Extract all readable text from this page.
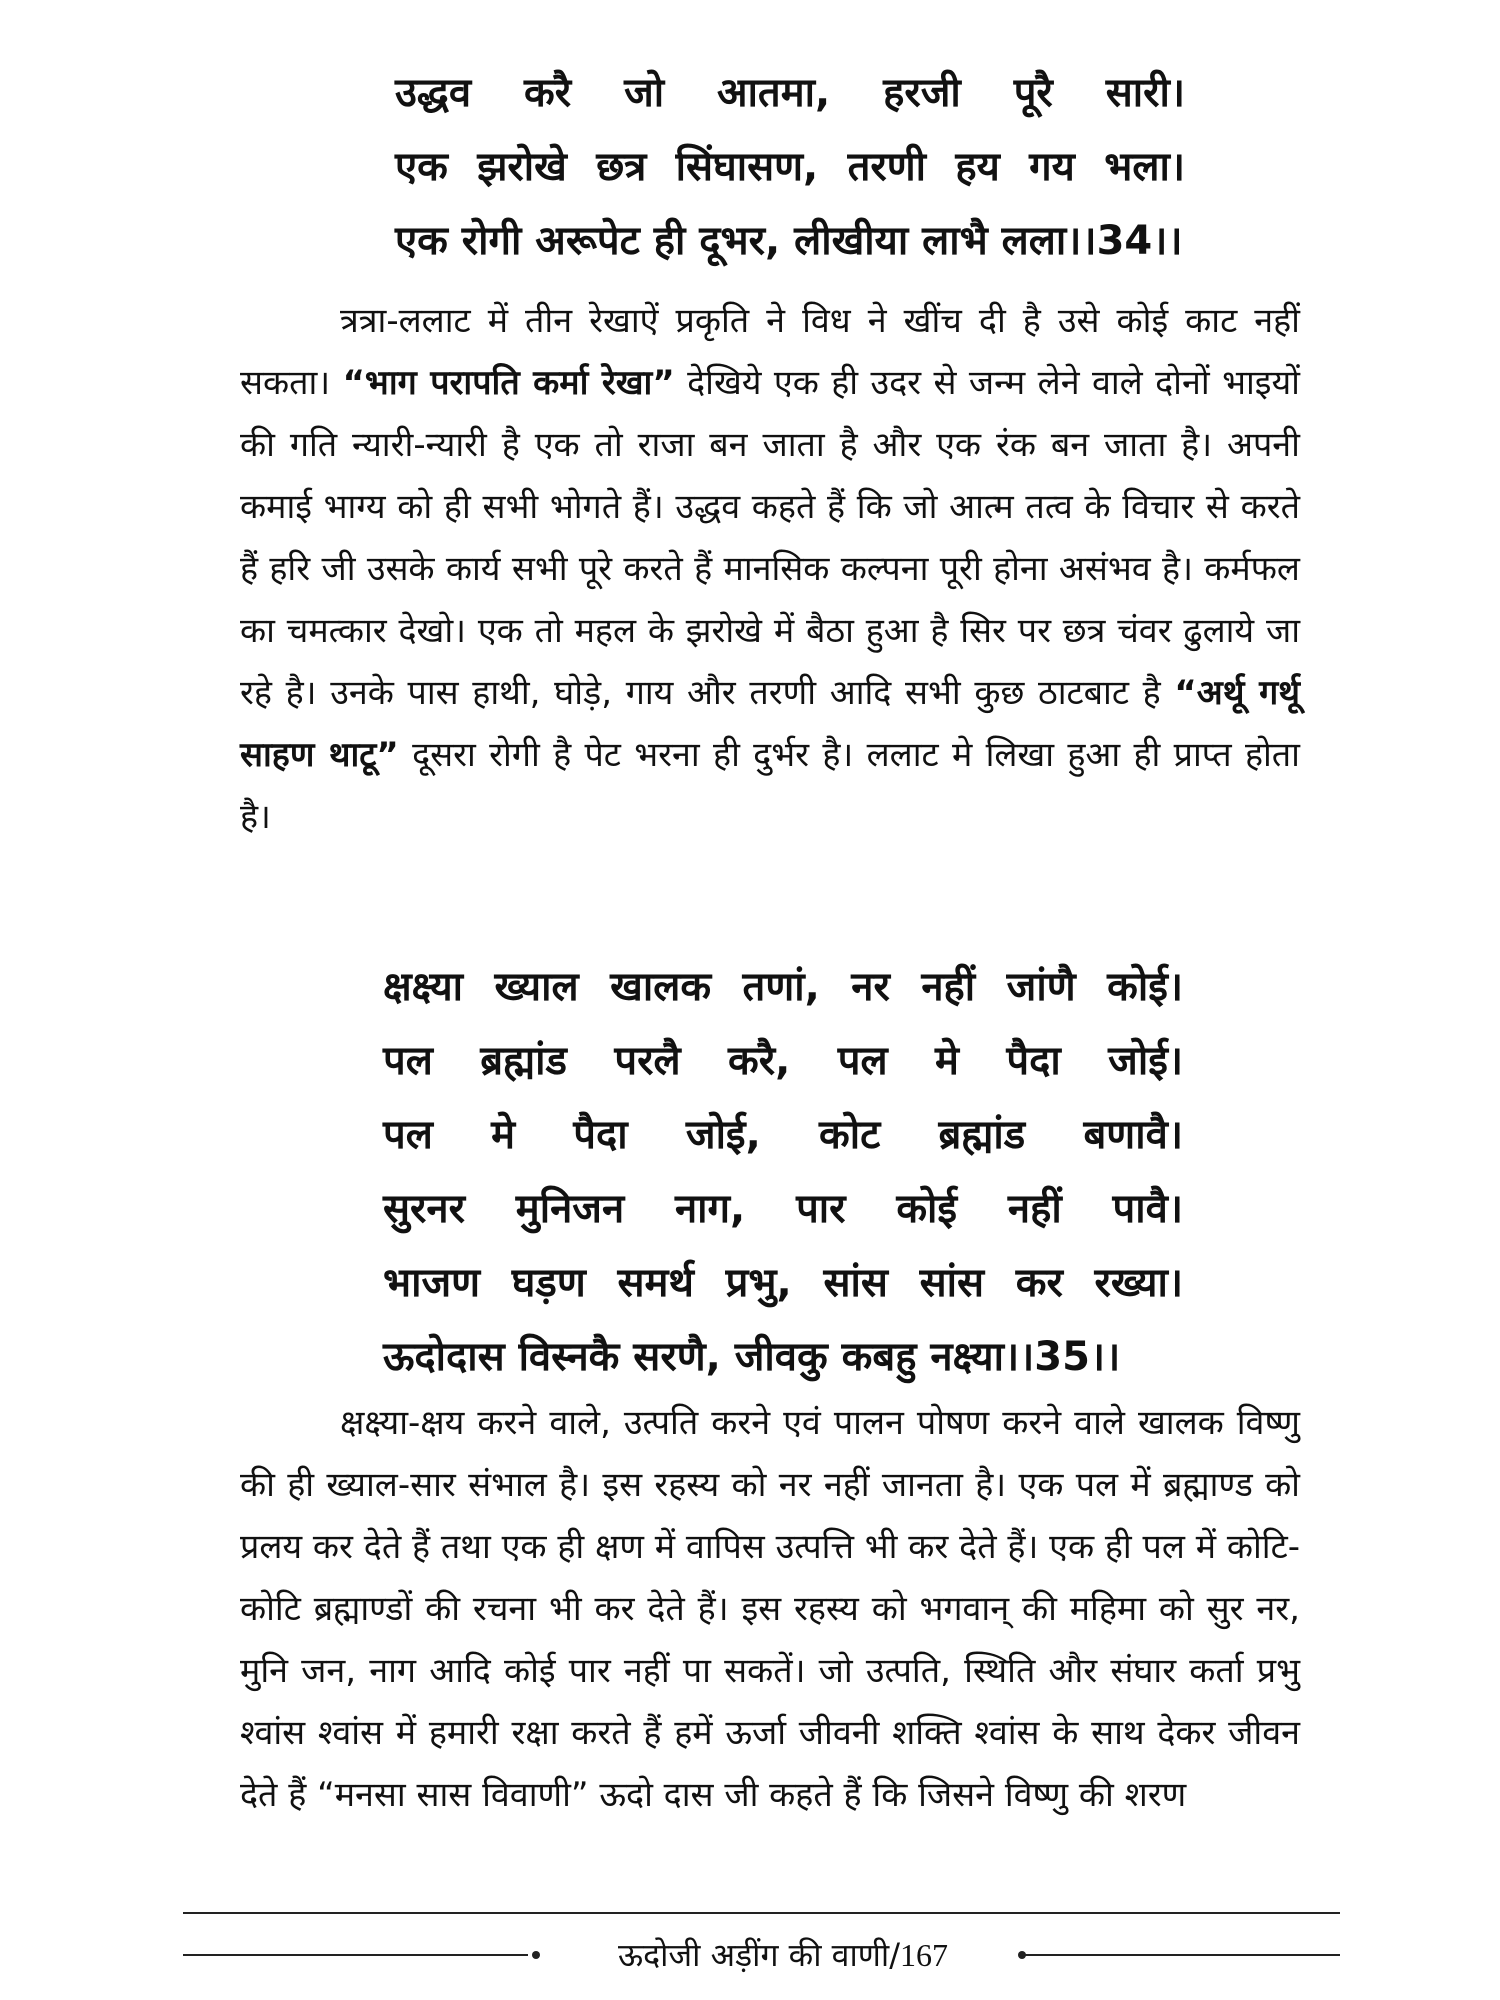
उद्धव करै जो आतमा, हरजी पूरै सारी।
एक झरोखे छत्र सिंघासण, तरणी हय गय भला।
एक रोगी अरूपेट ही दूभर, लीखीया लाभै लला।।34।।

त्रत्रा-ललाट में तीन रेखाऐं प्रकृति ने विध ने खींच दी है उसे कोई काट नहीं सकता। “भाग परापति कर्मा रेखा” देखिये एक ही उदर से जन्म लेने वाले दोनों भाइयों की गति न्यारी-न्यारी है एक तो राजा बन जाता है और एक रंक बन जाता है। अपनी कमाई भाग्य को ही सभी भोगते हैं। उद्धव कहते हैं कि जो आत्म तत्व के विचार से करते हैं हरि जी उसके कार्य सभी पूरे करते हैं मानसिक कल्पना पूरी होना असंभव है। कर्मफल का चमत्कार देखो। एक तो महल के झरोखे में बैठा हुआ है सिर पर छत्र चंवर ढुलाये जा रहे है। उनके पास हाथी, घोड़े, गाय और तरणी आदि सभी कुछ ठाटबाट है “अर्थू गर्थू साहण थाटू” दूसरा रोगी है पेट भरना ही दुर्भर है। ललाट मे लिखा हुआ ही प्राप्त होता है।

क्षक्ष्या ख्याल खालक तणां, नर नहीं जांणै कोई।
पल ब्रह्मांड परलै करै, पल मे पैदा जोई।
पल मे पैदा जोई, कोट ब्रह्मांड बणावै।
सुरनर मुनिजन नाग, पार कोई नहीं पावै।
भाजण घड़ण समर्थ प्रभु, सांस सांस कर रख्या।
ऊदोदास विस्नकै सरणै, जीवकु कबहु नक्ष्या।।35।।

क्षक्ष्या-क्षय करने वाले, उत्पति करने एवं पालन पोषण करने वाले खालक विष्णु की ही ख्याल-सार संभाल है। इस रहस्य को नर नहीं जानता है। एक पल में ब्रह्माण्ड को प्रलय कर देते हैं तथा एक ही क्षण में वापिस उत्पत्ति भी कर देते हैं। एक ही पल में कोटि-कोटि ब्रह्माण्डों की रचना भी कर देते हैं। इस रहस्य को भगवान् की महिमा को सुर नर, मुनि जन, नाग आदि कोई पार नहीं पा सकतें। जो उत्पति, स्थिति और संघार कर्ता प्रभु श्वांस श्वांस में हमारी रक्षा करते हैं हमें ऊर्जा जीवनी शक्ति श्वांस के साथ देकर जीवन देते हैं “मनसा सास विवाणी” ऊदो दास जी कहते हैं कि जिसने विष्णु की शरण

ऊदोजी अड़ींग की वाणी/167
